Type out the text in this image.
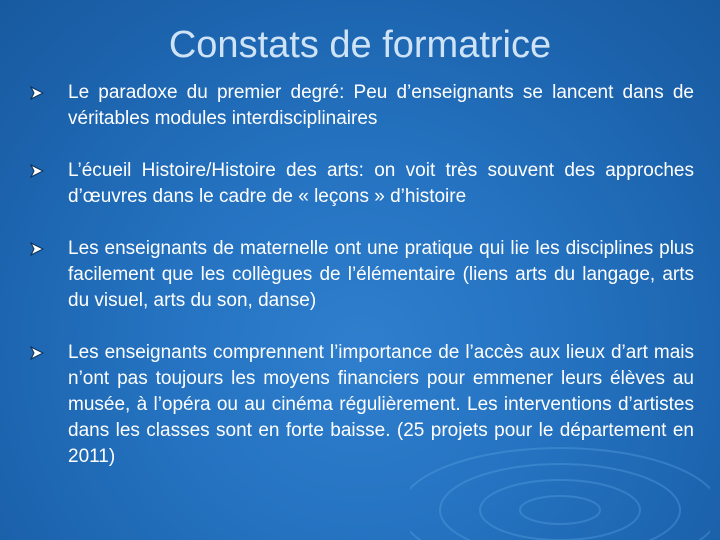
Constats de formatrice
Le paradoxe du premier degré: Peu d’enseignants se lancent dans de véritables modules interdisciplinaires
L’écueil Histoire/Histoire des arts: on voit très souvent des approches d’œuvres dans le cadre de « leçons » d’histoire
Les enseignants de maternelle ont une pratique qui lie les disciplines plus facilement que les collègues de l’élémentaire (liens arts du langage, arts du visuel, arts du son, danse)
Les enseignants comprennent l’importance de l’accès aux lieux d’art mais n’ont pas toujours les moyens financiers pour emmener leurs élèves au musée, à l’opéra ou au cinéma régulièrement. Les interventions d’artistes dans les classes sont en forte baisse. (25 projets pour le département en 2011)
